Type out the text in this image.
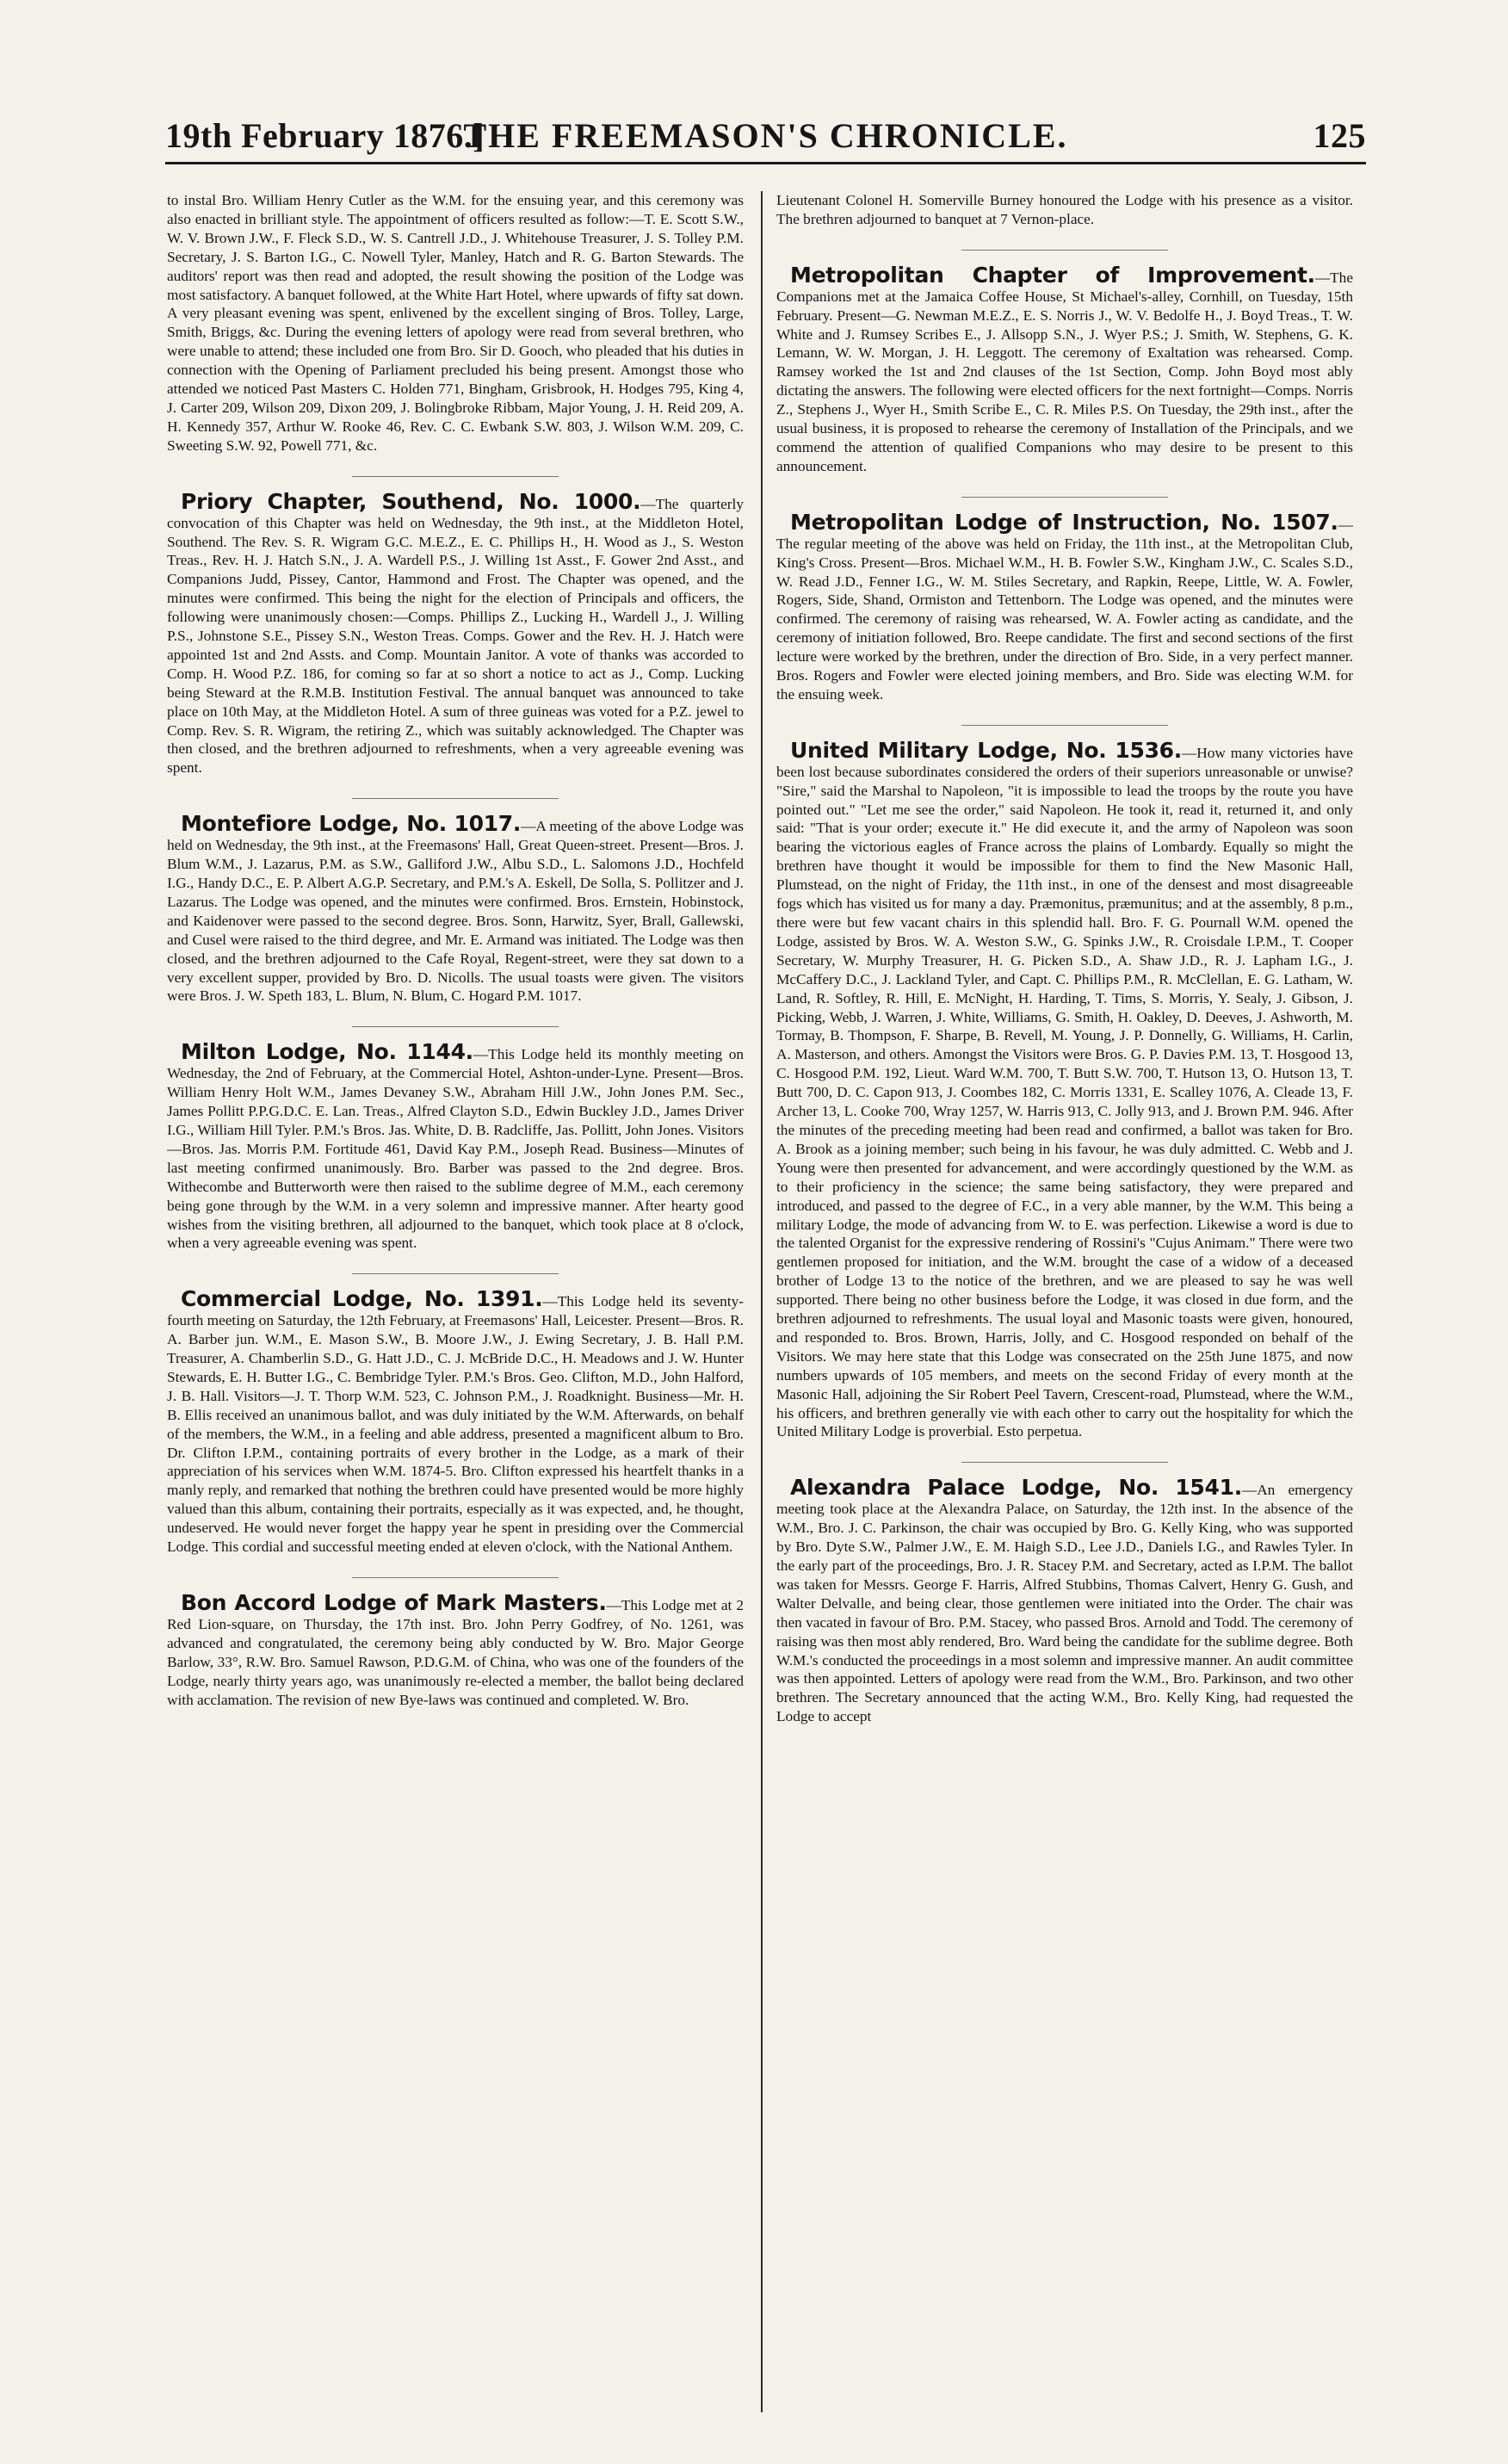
19th February 1876.]
THE FREEMASON'S CHRONICLE.	125

to instal Bro. William Henry Cutler as the W.M. for the ensuing year, and this ceremony was also enacted in brilliant style. The appointment of officers resulted as follow:—T. E. Scott S.W., W. V. Brown J.W., F. Fleck S.D., W. S. Cantrell J.D., J. Whitehouse Treasurer, J. S. Tolley P.M. Secretary, J. S. Barton I.G., C. Nowell Tyler, Manley, Hatch and R. G. Barton Stewards. The auditors' report was then read and adopted, the result showing the position of the Lodge was most satisfactory. A banquet followed, at the White Hart Hotel, where upwards of fifty sat down. A very pleasant evening was spent, enlivened by the excellent singing of Bros. Tolley, Large, Smith, Briggs, &c. During the evening letters of apology were read from several brethren, who were unable to attend; these included one from Bro. Sir D. Gooch, who pleaded that his duties in connection with the Opening of Parliament precluded his being present. Amongst those who attended we noticed Past Masters C. Holden 771, Bingham, Grisbrook, H. Hodges 795, King 4, J. Carter 209, Wilson 209, Dixon 209, J. Bolingbroke Ribbam, Major Young, J. H. Reid 209, A. H. Kennedy 357, Arthur W. Rooke 46, Rev. C. C. Ewbank S.W. 803, J. Wilson W.M. 209, C. Sweeting S.W. 92, Powell 771, &c.

Priory Chapter, Southend, No. 1000.—The quarterly convocation of this Chapter was held on Wednesday, the 9th inst., at the Middleton Hotel, Southend. The Rev. S. R. Wigram G.C. M.E.Z., E. C. Phillips H., H. Wood as J., S. Weston Treas., Rev. H. J. Hatch S.N., J. A. Wardell P.S., J. Willing 1st Asst., F. Gower 2nd Asst., and Companions Judd, Pissey, Cantor, Hammond and Frost. The Chapter was opened, and the minutes were confirmed. This being the night for the election of Principals and officers, the following were unanimously chosen:—Comps. Phillips Z., Lucking H., Wardell J., J. Willing P.S., Johnstone S.E., Pissey S.N., Weston Treas. Comps. Gower and the Rev. H. J. Hatch were appointed 1st and 2nd Assts. and Comp. Mountain Janitor. A vote of thanks was accorded to Comp. H. Wood P.Z. 186, for coming so far at so short a notice to act as J., Comp. Lucking being Steward at the R.M.B. Institution Festival. The annual banquet was announced to take place on 10th May, at the Middleton Hotel. A sum of three guineas was voted for a P.Z. jewel to Comp. Rev. S. R. Wigram, the retiring Z., which was suitably acknowledged. The Chapter was then closed, and the brethren adjourned to refreshments, when a very agreeable evening was spent.

Montefiore Lodge, No. 1017.—A meeting of the above Lodge was held on Wednesday, the 9th inst., at the Freemasons' Hall, Great Queen-street. Present—Bros. J. Blum W.M., J. Lazarus, P.M. as S.W., Galliford J.W., Albu S.D., L. Salomons J.D., Hochfeld I.G., Handy D.C., E. P. Albert A.G.P. Secretary, and P.M.'s A. Eskell, De Solla, S. Pollitzer and J. Lazarus. The Lodge was opened, and the minutes were confirmed. Bros. Ernstein, Hobinstock, and Kaidenover were passed to the second degree. Bros. Sonn, Harwitz, Syer, Brall, Gallewski, and Cusel were raised to the third degree, and Mr. E. Armand was initiated. The Lodge was then closed, and the brethren adjourned to the Cafe Royal, Regent-street, were they sat down to a very excellent supper, provided by Bro. D. Nicolls. The usual toasts were given. The visitors were Bros. J. W. Speth 183, L. Blum, N. Blum, C. Hogard P.M. 1017.

Milton Lodge, No. 1144.—This Lodge held its monthly meeting on Wednesday, the 2nd of February, at the Commercial Hotel, Ashton-under-Lyne. Present—Bros. William Henry Holt W.M., James Devaney S.W., Abraham Hill J.W., John Jones P.M. Sec., James Pollitt P.P.G.D.C. E. Lan. Treas., Alfred Clayton S.D., Edwin Buckley J.D., James Driver I.G., William Hill Tyler. P.M.'s Bros. Jas. White, D. B. Radcliffe, Jas. Pollitt, John Jones. Visitors—Bros. Jas. Morris P.M. Fortitude 461, David Kay P.M., Joseph Read. Business—Minutes of last meeting confirmed unanimously. Bro. Barber was passed to the 2nd degree. Bros. Withecombe and Butterworth were then raised to the sublime degree of M.M., each ceremony being gone through by the W.M. in a very solemn and impressive manner. After hearty good wishes from the visiting brethren, all adjourned to the banquet, which took place at 8 o'clock, when a very agreeable evening was spent.

Commercial Lodge, No. 1391.—This Lodge held its seventy-fourth meeting on Saturday, the 12th February, at Freemasons' Hall, Leicester. Present—Bros. R. A. Barber jun. W.M., E. Mason S.W., B. Moore J.W., J. Ewing Secretary, J. B. Hall P.M. Treasurer, A. Chamberlin S.D., G. Hatt J.D., C. J. McBride D.C., H. Meadows and J. W. Hunter Stewards, E. H. Butter I.G., C. Bembridge Tyler. P.M.'s Bros. Geo. Clifton, M.D., John Halford, J. B. Hall. Visitors—J. T. Thorp W.M. 523, C. Johnson P.M., J. Roadknight. Business—Mr. H. B. Ellis received an unanimous ballot, and was duly initiated by the W.M. Afterwards, on behalf of the members, the W.M., in a feeling and able address, presented a magnificent album to Bro. Dr. Clifton I.P.M., containing portraits of every brother in the Lodge, as a mark of their appreciation of his services when W.M. 1874-5. Bro. Clifton expressed his heartfelt thanks in a manly reply, and remarked that nothing the brethren could have presented would be more highly valued than this album, containing their portraits, especially as it was expected, and, he thought, undeserved. He would never forget the happy year he spent in presiding over the Commercial Lodge. This cordial and successful meeting ended at eleven o'clock, with the National Anthem.

Bon Accord Lodge of Mark Masters.—This Lodge met at 2 Red Lion-square, on Thursday, the 17th inst. Bro. John Perry Godfrey, of No. 1261, was advanced and congratulated, the ceremony being ably conducted by W. Bro. Major George Barlow, 33°, R.W. Bro. Samuel Rawson, P.D.G.M. of China, who was one of the founders of the Lodge, nearly thirty years ago, was unanimously re-elected a member, the ballot being declared with acclamation. The revision of new Bye-laws was continued and completed. W. Bro.

Lieutenant Colonel H. Somerville Burney honoured the Lodge with his presence as a visitor. The brethren adjourned to banquet at 7 Vernon-place.

Metropolitan Chapter of Improvement.—The Companions met at the Jamaica Coffee House, St Michael's-alley, Cornhill, on Tuesday, 15th February. Present—G. Newman M.E.Z., E. S. Norris J., W. V. Bedolfe H., J. Boyd Treas., T. W. White and J. Rumsey Scribes E., J. Allsopp S.N., J. Wyer P.S.; J. Smith, W. Stephens, G. K. Lemann, W. W. Morgan, J. H. Leggott. The ceremony of Exaltation was rehearsed. Comp. Ramsey worked the 1st and 2nd clauses of the 1st Section, Comp. John Boyd most ably dictating the answers. The following were elected officers for the next fortnight—Comps. Norris Z., Stephens J., Wyer H., Smith Scribe E., C. R. Miles P.S. On Tuesday, the 29th inst., after the usual business, it is proposed to rehearse the ceremony of Installation of the Principals, and we commend the attention of qualified Companions who may desire to be present to this announcement.

Metropolitan Lodge of Instruction, No. 1507.—The regular meeting of the above was held on Friday, the 11th inst., at the Metropolitan Club, King's Cross. Present—Bros. Michael W.M., H. B. Fowler S.W., Kingham J.W., C. Scales S.D., W. Read J.D., Fenner I.G., W. M. Stiles Secretary, and Rapkin, Reepe, Little, W. A. Fowler, Rogers, Side, Shand, Ormiston and Tettenborn. The Lodge was opened, and the minutes were confirmed. The ceremony of raising was rehearsed, W. A. Fowler acting as candidate, and the ceremony of initiation followed, Bro. Reepe candidate. The first and second sections of the first lecture were worked by the brethren, under the direction of Bro. Side, in a very perfect manner. Bros. Rogers and Fowler were elected joining members, and Bro. Side was electing W.M. for the ensuing week.

United Military Lodge, No. 1536.—How many victories have been lost because subordinates considered the orders of their superiors unreasonable or unwise? "Sire," said the Marshal to Napoleon, "it is impossible to lead the troops by the route you have pointed out." "Let me see the order," said Napoleon. He took it, read it, returned it, and only said: "That is your order; execute it." He did execute it, and the army of Napoleon was soon bearing the victorious eagles of France across the plains of Lombardy. Equally so might the brethren have thought it would be impossible for them to find the New Masonic Hall, Plumstead, on the night of Friday, the 11th inst., in one of the densest and most disagreeable fogs which has visited us for many a day. Præmonitus, præmunitus; and at the assembly, 8 p.m., there were but few vacant chairs in this splendid hall. Bro. F. G. Pournall W.M. opened the Lodge, assisted by Bros. W. A. Weston S.W., G. Spinks J.W., R. Croisdale I.P.M., T. Cooper Secretary, W. Murphy Treasurer, H. G. Picken S.D., A. Shaw J.D., R. J. Lapham I.G., J. McCaffery D.C., J. Lackland Tyler, and Capt. C. Phillips P.M., R. McClellan, E. G. Latham, W. Land, R. Softley, R. Hill, E. McNight, H. Harding, T. Tims, S. Morris, Y. Sealy, J. Gibson, J. Picking, Webb, J. Warren, J. White, Williams, G. Smith, H. Oakley, D. Deeves, J. Ashworth, M. Tormay, B. Thompson, F. Sharpe, B. Revell, M. Young, J. P. Donnelly, G. Williams, H. Carlin, A. Masterson, and others. Amongst the Visitors were Bros. G. P. Davies P.M. 13, T. Hosgood 13, C. Hosgood P.M. 192, Lieut. Ward W.M. 700, T. Butt S.W. 700, T. Hutson 13, O. Hutson 13, T. Butt 700, D. C. Capon 913, J. Coombes 182, C. Morris 1331, E. Scalley 1076, A. Cleade 13, F. Archer 13, L. Cooke 700, Wray 1257, W. Harris 913, C. Jolly 913, and J. Brown P.M. 946. After the minutes of the preceding meeting had been read and confirmed, a ballot was taken for Bro. A. Brook as a joining member; such being in his favour, he was duly admitted. C. Webb and J. Young were then presented for advancement, and were accordingly questioned by the W.M. as to their proficiency in the science; the same being satisfactory, they were prepared and introduced, and passed to the degree of F.C., in a very able manner, by the W.M. This being a military Lodge, the mode of advancing from W. to E. was perfection. Likewise a word is due to the talented Organist for the expressive rendering of Rossini's "Cujus Animam." There were two gentlemen proposed for initiation, and the W.M. brought the case of a widow of a deceased brother of Lodge 13 to the notice of the brethren, and we are pleased to say he was well supported. There being no other business before the Lodge, it was closed in due form, and the brethren adjourned to refreshments. The usual loyal and Masonic toasts were given, honoured, and responded to. Bros. Brown, Harris, Jolly, and C. Hosgood responded on behalf of the Visitors. We may here state that this Lodge was consecrated on the 25th June 1875, and now numbers upwards of 105 members, and meets on the second Friday of every month at the Masonic Hall, adjoining the Sir Robert Peel Tavern, Crescent-road, Plumstead, where the W.M., his officers, and brethren generally vie with each other to carry out the hospitality for which the United Military Lodge is proverbial. Esto perpetua.

Alexandra Palace Lodge, No. 1541.—An emergency meeting took place at the Alexandra Palace, on Saturday, the 12th inst. In the absence of the W.M., Bro. J. C. Parkinson, the chair was occupied by Bro. G. Kelly King, who was supported by Bro. Dyte S.W., Palmer J.W., E. M. Haigh S.D., Lee J.D., Daniels I.G., and Rawles Tyler. In the early part of the proceedings, Bro. J. R. Stacey P.M. and Secretary, acted as I.P.M. The ballot was taken for Messrs. George F. Harris, Alfred Stubbins, Thomas Calvert, Henry G. Gush, and Walter Delvalle, and being clear, those gentlemen were initiated into the Order. The chair was then vacated in favour of Bro. P.M. Stacey, who passed Bros. Arnold and Todd. The ceremony of raising was then most ably rendered, Bro. Ward being the candidate for the sublime degree. Both W.M.'s conducted the proceedings in a most solemn and impressive manner. An audit committee was then appointed. Letters of apology were read from the W.M., Bro. Parkinson, and two other brethren. The Secretary announced that the acting W.M., Bro. Kelly King, had requested the Lodge to accept
